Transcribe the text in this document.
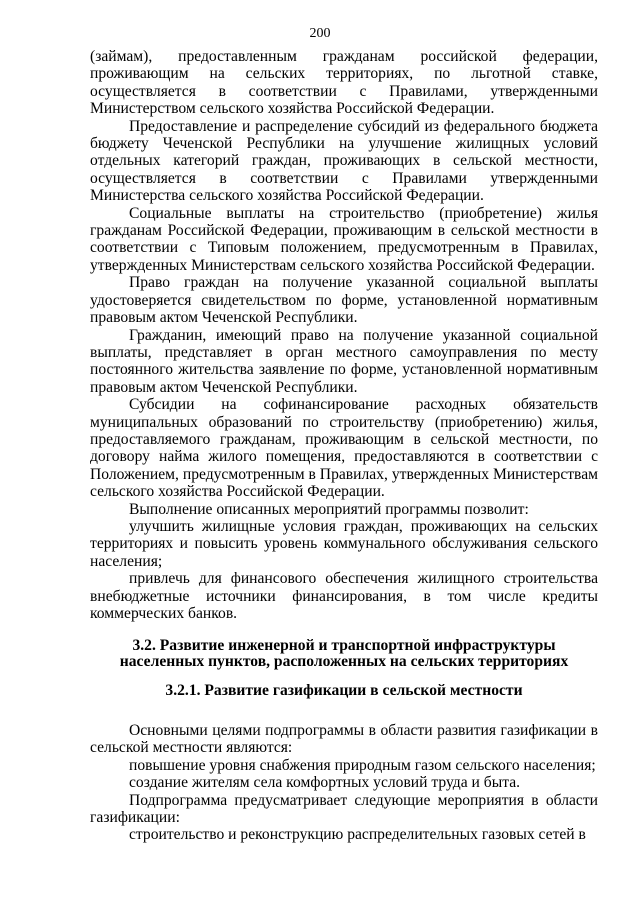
200

(займам), предоставленным гражданам российской федерации, проживающим на сельских территориях, по льготной ставке, осуществляется в соответствии с Правилами, утвержденными Министерством сельского хозяйства Российской Федерации.

Предоставление и распределение субсидий из федерального бюджета бюджету Чеченской Республики на улучшение жилищных условий отдельных категорий граждан, проживающих в сельской местности, осуществляется в соответствии с Правилами утвержденными Министерства сельского хозяйства Российской Федерации.

Социальные выплаты на строительство (приобретение) жилья гражданам Российской Федерации, проживающим в сельской местности в соответствии с Типовым положением, предусмотренным в Правилах, утвержденных Министерствам сельского хозяйства Российской Федерации.

Право граждан на получение указанной социальной выплаты удостоверяется свидетельством по форме, установленной нормативным правовым актом Чеченской Республики.

Гражданин, имеющий право на получение указанной социальной выплаты, представляет в орган местного самоуправления по месту постоянного жительства заявление по форме, установленной нормативным правовым актом Чеченской Республики.

Субсидии на софинансирование расходных обязательств муниципальных образований по строительству (приобретению) жилья, предоставляемого гражданам, проживающим в сельской местности, по договору найма жилого помещения, предоставляются в соответствии с Положением, предусмотренным в Правилах, утвержденных Министерствам сельского хозяйства Российской Федерации.

Выполнение описанных мероприятий программы позволит:

улучшить жилищные условия граждан, проживающих на сельских территориях и повысить уровень коммунального обслуживания сельского населения;

привлечь для финансового обеспечения жилищного строительства внебюджетные источники финансирования, в том числе кредиты коммерческих банков.

3.2. Развитие инженерной и транспортной инфраструктуры населенных пунктов, расположенных на сельских территориях
3.2.1. Развитие газификации в сельской местности

Основными целями подпрограммы в области развития газификации в сельской местности являются:

повышение уровня снабжения природным газом сельского населения;

создание жителям села комфортных условий труда и быта.

Подпрограмма предусматривает следующие мероприятия в области газификации:

строительство и реконструкцию распределительных газовых сетей в
